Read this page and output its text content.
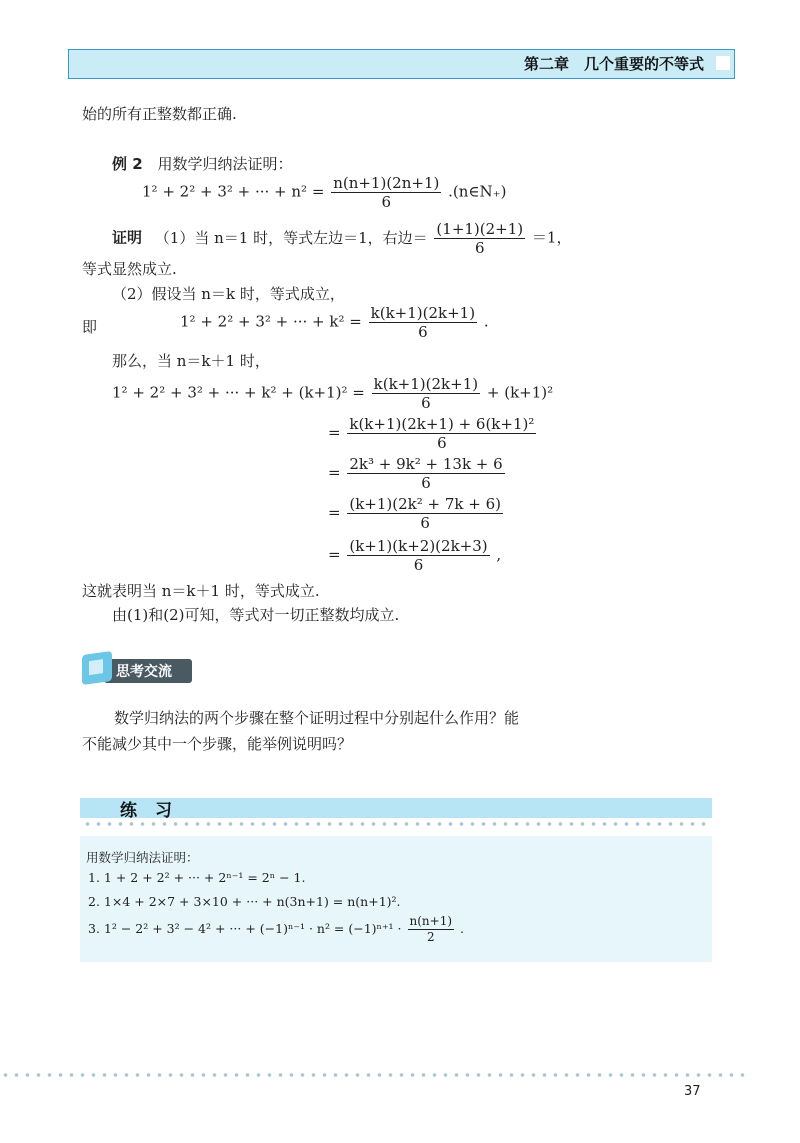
第二章　几个重要的不等式
始的所有正整数都正确.
例 2 用数学归纳法证明：
1² + 2² + 3² + ··· + $n^2 = \frac{n(n+1)(2n+1)}{6}$ .(n∈N₊)
证明 （1）当 n＝1 时，等式左边＝1，右边＝ $\frac{(1+1)(2+1)}{6} =1$，
等式显然成立.
（2）假设当 n＝k 时，等式成立，
即	1² + 2² + 3² + ··· + $k^2 = \frac{k(k+1)(2k+1)}{6}$ .
那么，当 n＝k＋1 时，
1² + 2² + 3² + ··· + $k^2 + (k+1)^2 = \frac{k(k+1)(2k+1)}{6} + (k+1)^2$
= $\frac{\text{k(k+1)(2k+1) + 6(k+1)²}}{6}$
= $\frac{\text{2k³ + 9k² + 13k + 6}}{6}$
= $\frac{\text{(k+1)(2k² + 7k + 6)}}{6}$
= $\frac{(k+1)(k+2)(2k+3)}{6}$ ,
这就表明当 n＝k＋1 时，等式成立.
由(1)和(2)可知，等式对一切正整数均成立.
思考交流
数学归纳法的两个步骤在整个证明过程中分别起什么作用？能
不能减少其中一个步骤，能举例说明吗？
练习
用数学归纳法证明：
1. 1 + 2 + 2² + ··· + 2ⁿ⁻¹ = 2ⁿ − 1.
2. 1×4 + 2×7 + 3×10 + ··· + n(3n+1) = n(n+1)².
3. 1² − 2² + 3² − 4² + ··· + $(-1)^{n-1} \cdot n^2 = (-1)^{n+1} \cdot \frac{n(n+1)}{2}$ .
37
